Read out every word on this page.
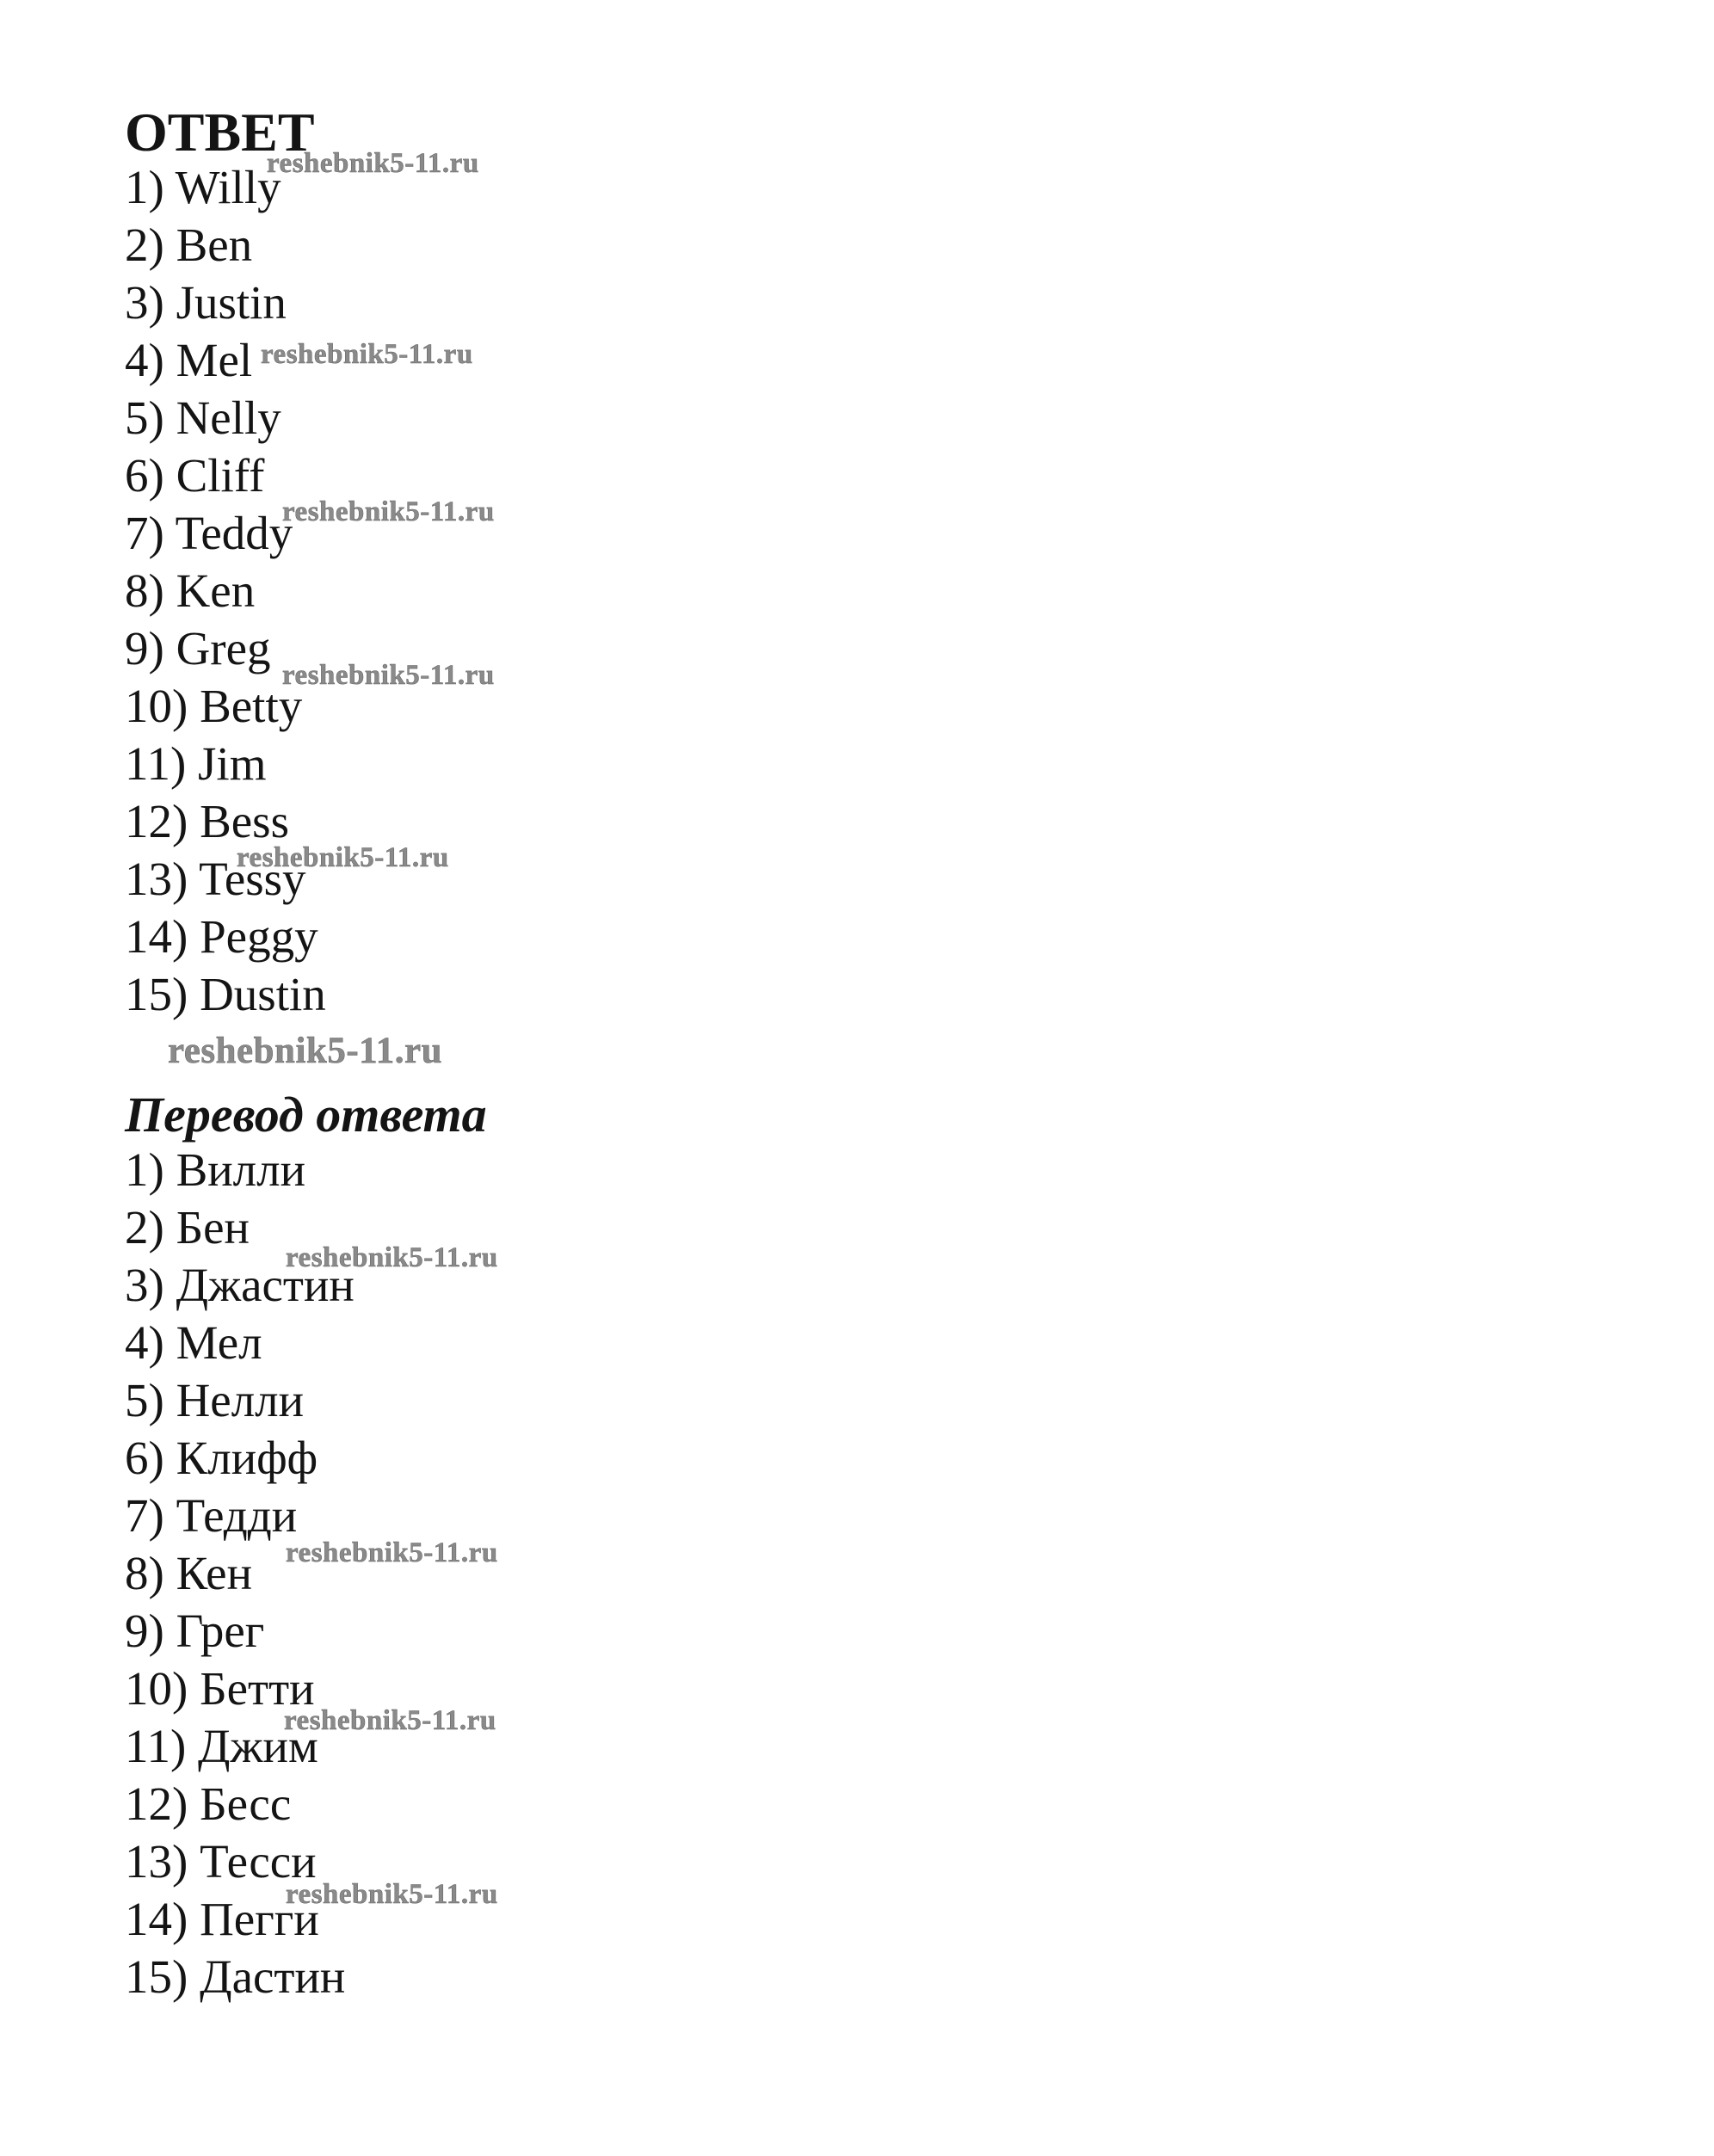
reshebnik5-11.ru
reshebnik5-11.ru
reshebnik5-11.ru
reshebnik5-11.ru
reshebnik5-11.ru
reshebnik5-11.ru
reshebnik5-11.ru
reshebnik5-11.ru
reshebnik5-11.ru
reshebnik5-11.ru
ОТВЕТ
1) Willy
2) Ben
3) Justin
4) Mel
5) Nelly
6) Cliff
7) Teddy
8) Ken
9) Greg
10) Betty
11) Jim
12) Bess
13) Tessy
14) Peggy
15) Dustin
Перевод ответа
1) Вилли
2) Бен
3) Джастин
4) Мел
5) Нелли
6) Клифф
7) Тедди
8) Кен
9) Грег
10) Бетти
11) Джим
12) Бесс
13) Тесси
14) Пегги
15) Дастин
